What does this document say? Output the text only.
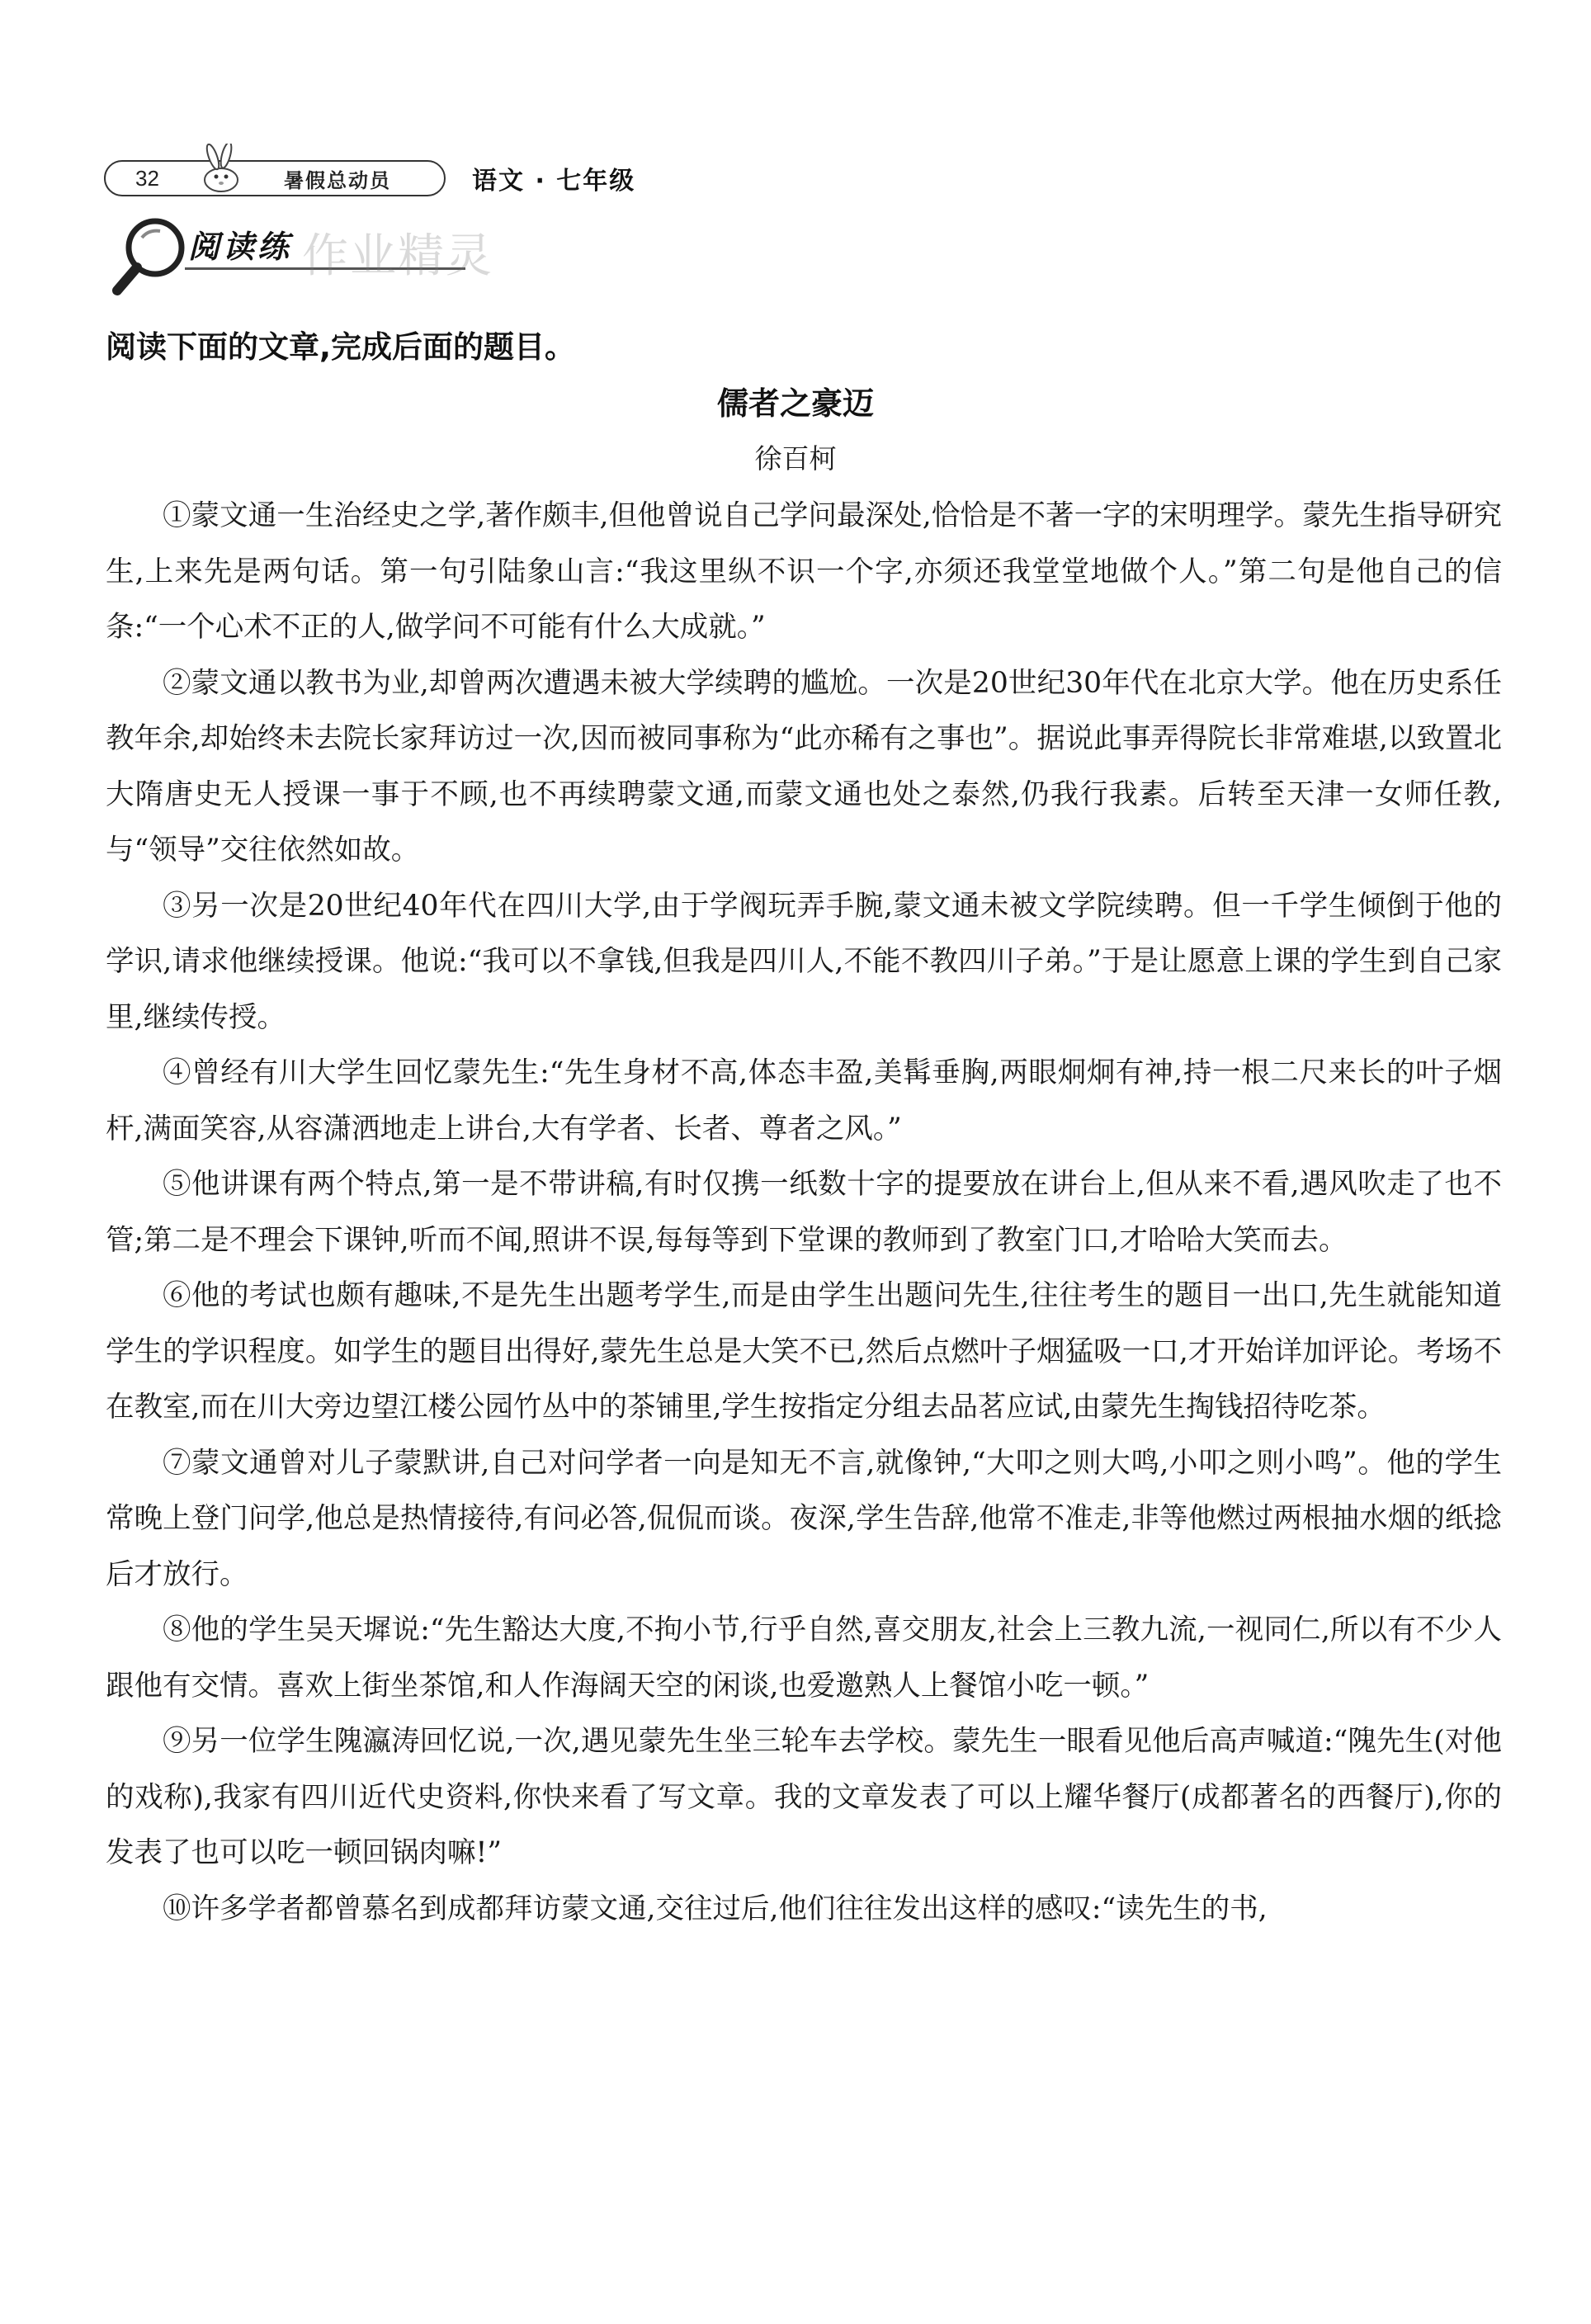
32	暑假总动员	语文 · 七年级
阅读练 作业精灵
阅读下面的文章,完成后面的题目。
儒者之豪迈
徐百柯

①蒙文通一生治经史之学,著作颇丰,但他曾说自己学问最深处,恰恰是不著一字的宋明理学。蒙先生指导研究生,上来先是两句话。第一句引陆象山言:“我这里纵不识一个字,亦须还我堂堂地做个人。”第二句是他自己的信条:“一个心术不正的人,做学问不可能有什么大成就。”

②蒙文通以教书为业,却曾两次遭遇未被大学续聘的尴尬。一次是20世纪30年代在北京大学。他在历史系任教年余,却始终未去院长家拜访过一次,因而被同事称为“此亦稀有之事也”。据说此事弄得院长非常难堪,以致置北大隋唐史无人授课一事于不顾,也不再续聘蒙文通,而蒙文通也处之泰然,仍我行我素。后转至天津一女师任教,与“领导”交往依然如故。

③另一次是20世纪40年代在四川大学,由于学阀玩弄手腕,蒙文通未被文学院续聘。但一千学生倾倒于他的学识,请求他继续授课。他说:“我可以不拿钱,但我是四川人,不能不教四川子弟。”于是让愿意上课的学生到自己家里,继续传授。

④曾经有川大学生回忆蒙先生:“先生身材不高,体态丰盈,美髯垂胸,两眼炯炯有神,持一根二尺来长的叶子烟杆,满面笑容,从容潇洒地走上讲台,大有学者、长者、尊者之风。”

⑤他讲课有两个特点,第一是不带讲稿,有时仅携一纸数十字的提要放在讲台上,但从来不看,遇风吹走了也不管;第二是不理会下课钟,听而不闻,照讲不误,每每等到下堂课的教师到了教室门口,才哈哈大笑而去。

⑥他的考试也颇有趣味,不是先生出题考学生,而是由学生出题问先生,往往考生的题目一出口,先生就能知道学生的学识程度。如学生的题目出得好,蒙先生总是大笑不已,然后点燃叶子烟猛吸一口,才开始详加评论。考场不在教室,而在川大旁边望江楼公园竹丛中的茶铺里,学生按指定分组去品茗应试,由蒙先生掏钱招待吃茶。

⑦蒙文通曾对儿子蒙默讲,自己对问学者一向是知无不言,就像钟,“大叩之则大鸣,小叩之则小鸣”。他的学生常晚上登门问学,他总是热情接待,有问必答,侃侃而谈。夜深,学生告辞,他常不准走,非等他燃过两根抽水烟的纸捻后才放行。

⑧他的学生吴天墀说:“先生豁达大度,不拘小节,行乎自然,喜交朋友,社会上三教九流,一视同仁,所以有不少人跟他有交情。喜欢上街坐茶馆,和人作海阔天空的闲谈,也爱邀熟人上餐馆小吃一顿。”

⑨另一位学生隗瀛涛回忆说,一次,遇见蒙先生坐三轮车去学校。蒙先生一眼看见他后高声喊道:“隗先生(对他的戏称),我家有四川近代史资料,你快来看了写文章。我的文章发表了可以上耀华餐厅(成都著名的西餐厅),你的发表了也可以吃一顿回锅肉嘛!”

⑩许多学者都曾慕名到成都拜访蒙文通,交往过后,他们往往发出这样的感叹:“读先生的书,
